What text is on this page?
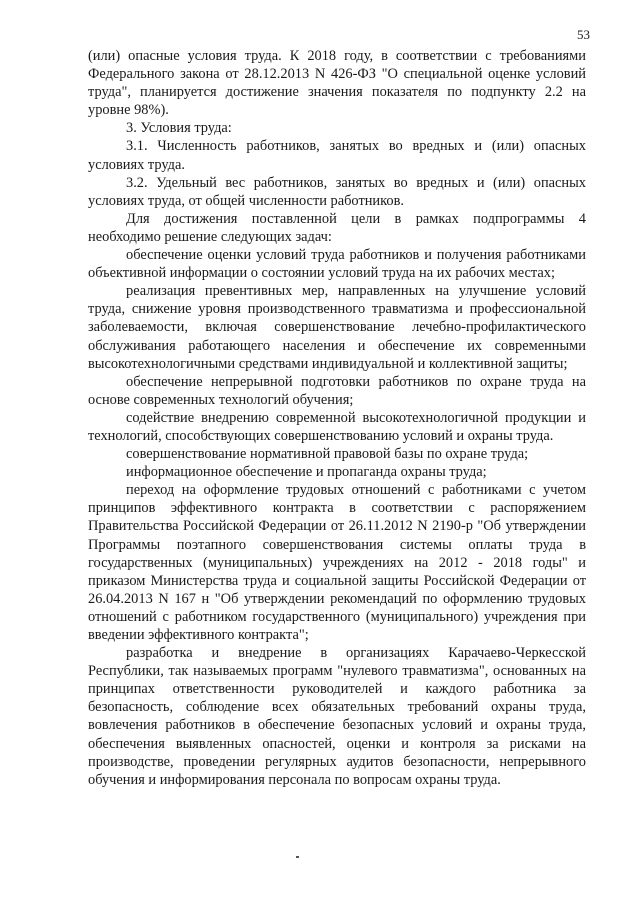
53

(или) опасные условия труда. К 2018 году, в соответствии с требованиями Федерального закона от 28.12.2013 N 426-ФЗ "О специальной оценке условий труда", планируется достижение значения показателя по подпункту 2.2 на уровне 98%).

3. Условия труда:

3.1. Численность работников, занятых во вредных и (или) опасных условиях труда.

3.2. Удельный вес работников, занятых во вредных и (или) опасных условиях труда, от общей численности работников.

Для достижения поставленной цели в рамках подпрограммы 4 необходимо решение следующих задач:

обеспечение оценки условий труда работников и получения работниками объективной информации о состоянии условий труда на их рабочих местах;

реализация превентивных мер, направленных на улучшение условий труда, снижение уровня производственного травматизма и профессиональной заболеваемости, включая совершенствование лечебно-профилактического обслуживания работающего населения и обеспечение их современными высокотехнологичными средствами индивидуальной и коллективной защиты;

обеспечение непрерывной подготовки работников по охране труда на основе современных технологий обучения;

содействие внедрению современной высокотехнологичной продукции и технологий, способствующих совершенствованию условий и охраны труда.

совершенствование нормативной правовой базы по охране труда;

информационное обеспечение и пропаганда охраны труда;

переход на оформление трудовых отношений с работниками с учетом принципов эффективного контракта в соответствии с распоряжением Правительства Российской Федерации от 26.11.2012 N 2190-р "Об утверждении Программы поэтапного совершенствования системы оплаты труда в государственных (муниципальных) учреждениях на 2012 - 2018 годы" и приказом Министерства труда и социальной защиты Российской Федерации от 26.04.2013 N 167 н "Об утверждении рекомендаций по оформлению трудовых отношений с работником государственного (муниципального) учреждения при введении эффективного контракта";

разработка и внедрение в организациях Карачаево-Черкесской Республики, так называемых программ "нулевого травматизма", основанных на принципах ответственности руководителей и каждого работника за безопасность, соблюдение всех обязательных требований охраны труда, вовлечения работников в обеспечение безопасных условий и охраны труда, обеспечения выявленных опасностей, оценки и контроля за рисками на производстве, проведении регулярных аудитов безопасности, непрерывного обучения и информирования персонала по вопросам охраны труда.
